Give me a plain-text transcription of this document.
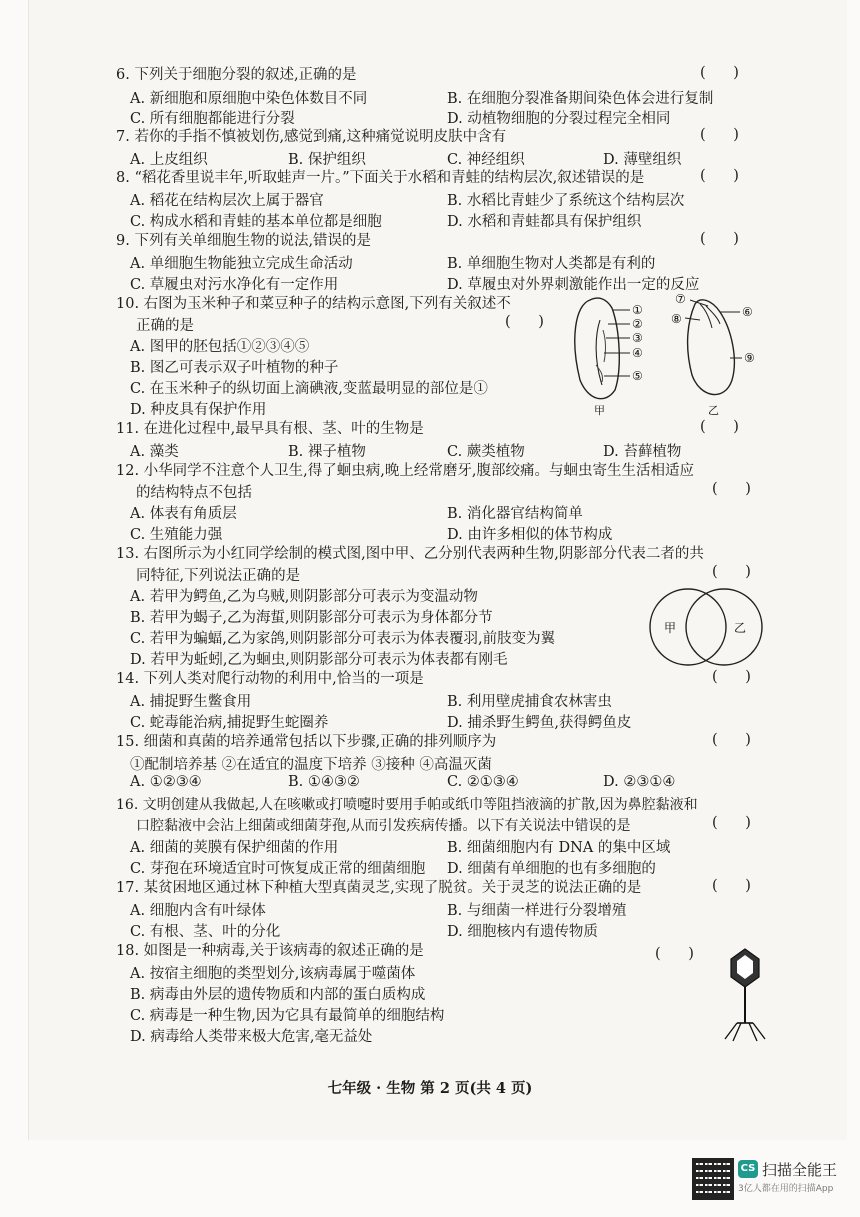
6. 下列关于细胞分裂的叙述,正确的是	(      )
A. 新细胞和原细胞中染色体数目不同	B. 在细胞分裂准备期间染色体会进行复制
C. 所有细胞都能进行分裂	D. 动植物细胞的分裂过程完全相同
7. 若你的手指不慎被划伤,感觉到痛,这种痛觉说明皮肤中含有	(      )
A. 上皮组织	B. 保护组织	C. 神经组织	D. 薄壁组织
8. “稻花香里说丰年,听取蛙声一片。”下面关于水稻和青蛙的结构层次,叙述错误的是	(      )
A. 稻花在结构层次上属于器官	B. 水稻比青蛙少了系统这个结构层次
C. 构成水稻和青蛙的基本单位都是细胞	D. 水稻和青蛙都具有保护组织
9. 下列有关单细胞生物的说法,错误的是	(      )
A. 单细胞生物能独立完成生命活动	B. 单细胞生物对人类都是有利的
C. 草履虫对污水净化有一定作用	D. 草履虫对外界刺激能作出一定的反应
10. 右图为玉米种子和菜豆种子的结构示意图,下列有关叙述不
正确的是	(      )
A. 图甲的胚包括①②③④⑤
B. 图乙可表示双子叶植物的种子
C. 在玉米种子的纵切面上滴碘液,变蓝最明显的部位是①
D. 种皮具有保护作用
①
②
③
④
⑤
⑥
⑦
⑧
⑨
甲	乙
11. 在进化过程中,最早具有根、茎、叶的生物是	(      )
A. 藻类	B. 裸子植物	C. 蕨类植物	D. 苔藓植物
12. 小华同学不注意个人卫生,得了蛔虫病,晚上经常磨牙,腹部绞痛。与蛔虫寄生生活相适应
的结构特点不包括	(      )
A. 体表有角质层	B. 消化器官结构简单
C. 生殖能力强	D. 由许多相似的体节构成
13. 右图所示为小红同学绘制的模式图,图中甲、乙分别代表两种生物,阴影部分代表二者的共
同特征,下列说法正确的是	(      )
A. 若甲为鳄鱼,乙为乌贼,则阴影部分可表示为变温动物
B. 若甲为蝎子,乙为海蜇,则阴影部分可表示为身体都分节
C. 若甲为蝙蝠,乙为家鸽,则阴影部分可表示为体表覆羽,前肢变为翼
D. 若甲为蚯蚓,乙为蛔虫,则阴影部分可表示为体表都有刚毛
甲	乙
14. 下列人类对爬行动物的利用中,恰当的一项是	(      )
A. 捕捉野生鳖食用	B. 利用壁虎捕食农林害虫
C. 蛇毒能治病,捕捉野生蛇圈养	D. 捕杀野生鳄鱼,获得鳄鱼皮
15. 细菌和真菌的培养通常包括以下步骤,正确的排列顺序为	(      )
①配制培养基 ②在适宜的温度下培养 ③接种 ④高温灭菌
A. ①②③④	B. ①④③②	C. ②①③④	D. ②③①④
16. 文明创建从我做起,人在咳嗽或打喷嚏时要用手帕或纸巾等阻挡液滴的扩散,因为鼻腔黏液和
口腔黏液中会沾上细菌或细菌芽孢,从而引发疾病传播。以下有关说法中错误的是	(      )
A. 细菌的荚膜有保护细菌的作用	B. 细菌细胞内有 DNA 的集中区域
C. 芽孢在环境适宜时可恢复成正常的细菌细胞 D. 细菌有单细胞的也有多细胞的
17. 某贫困地区通过林下种植大型真菌灵芝,实现了脱贫。关于灵芝的说法正确的是	(      )
A. 细胞内含有叶绿体	B. 与细菌一样进行分裂增殖
C. 有根、茎、叶的分化	D. 细胞核内有遗传物质
18. 如图是一种病毒,关于该病毒的叙述正确的是	(      )
A. 按宿主细胞的类型划分,该病毒属于噬菌体
B. 病毒由外层的遗传物质和内部的蛋白质构成
C. 病毒是一种生物,因为它具有最简单的细胞结构
D. 病毒给人类带来极大危害,毫无益处
七年级 · 生物 第 2 页(共 4 页)
CS 扫描全能王
3亿人都在用的扫描App
